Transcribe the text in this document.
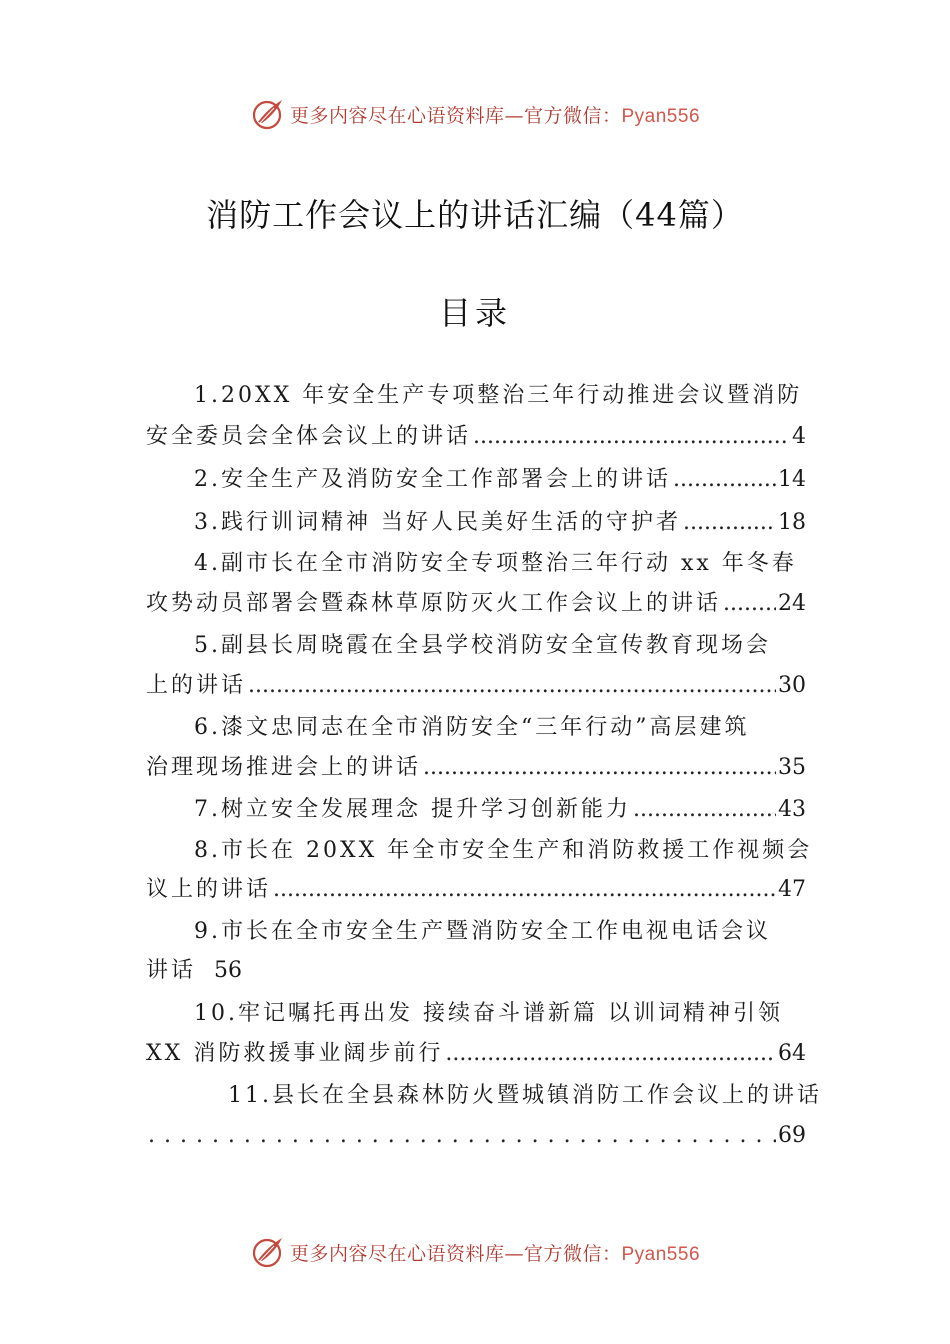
更多内容尽在心语资料库—官方微信：Pyan556
消防工作会议上的讲话汇编（44篇）
目录
1.20XX 年安全生产专项整治三年行动推进会议暨消防
安全委员会全体会议上的讲话 .....	4
2.安全生产及消防安全工作部署会上的讲话 .....	14
3.践行训词精神 当好人民美好生活的守护者 .....	18
4.副市长在全市消防安全专项整治三年行动 xx 年冬春
攻势动员部署会暨森林草原防灭火工作会议上的讲话 .....	24
5.副县长周晓霞在全县学校消防安全宣传教育现场会
上的讲话 .....	30
6.漆文忠同志在全市消防安全“三年行动”高层建筑
治理现场推进会上的讲话 .....	35
7.树立安全发展理念 提升学习创新能力 .....	43
8.市长在 20XX 年全市安全生产和消防救援工作视频会
议上的讲话 .....	47
9.市长在全市安全生产暨消防安全工作电视电话会议
讲话 56
10.牢记嘱托再出发 接续奋斗谱新篇 以训词精神引领
XX 消防救援事业阔步前行 .....	64
11.县长在全县森林防火暨城镇消防工作会议上的讲话
. . .
69
更多内容尽在心语资料库—官方微信：Pyan556
